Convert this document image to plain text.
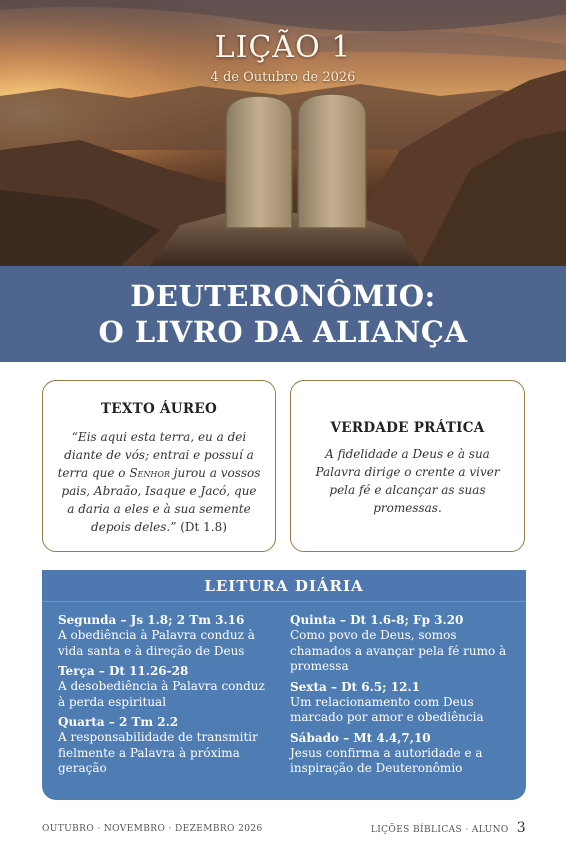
LIÇÃO 1
4 de Outubro de 2026
DEUTERONÔMIO:
O LIVRO DA ALIANÇA
TEXTO ÁUREO

“Eis aqui esta terra, eu a dei diante de vós; entrai e possuí a terra que o Senhor jurou a vossos pais, Abraão, Isaque e Jacó, que a daria a eles e à sua semente depois deles.” (Dt 1.8)

VERDADE PRÁTICA

A fidelidade a Deus e à sua Palavra dirige o crente a viver pela fé e alcançar as suas promessas.

LEITURA DIÁRIA
Segunda – Js 1.8; 2 Tm 3.16
A obediência à Palavra conduz à vida santa e à direção de Deus
Terça – Dt 11.26-28
A desobediência à Palavra conduz à perda espiritual
Quarta – 2 Tm 2.2
A responsabilidade de transmitir fielmente a Palavra à próxima geração
Quinta – Dt 1.6-8; Fp 3.20
Como povo de Deus, somos chamados a avançar pela fé rumo à promessa
Sexta – Dt 6.5; 12.1
Um relacionamento com Deus marcado por amor e obediência
Sábado – Mt 4.4,7,10
Jesus confirma a autoridade e a inspiração de Deuteronômio
OUTUBRO · NOVEMBRO · DEZEMBRO 2026	LIÇÕES BÍBLICAS · ALUNO 3
